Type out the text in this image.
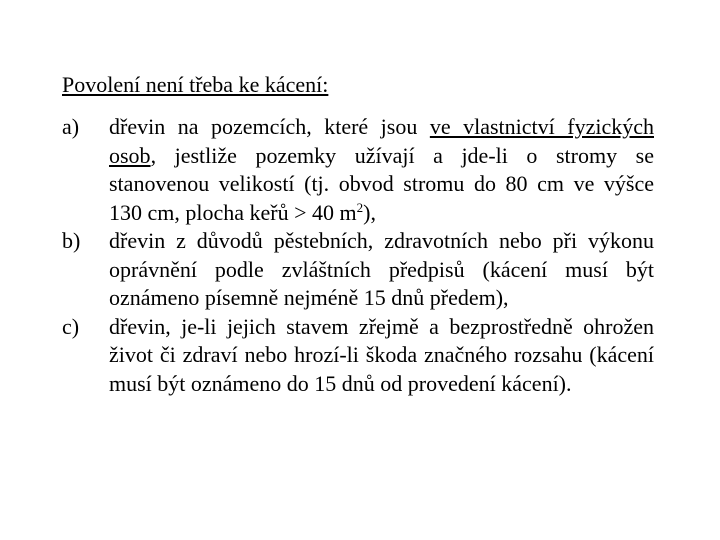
Povolení není třeba ke kácení:
a) dřevin na pozemcích, které jsou ve vlastnictví fyzických osob, jestliže pozemky užívají a jde-li o stromy se stanovenou velikostí (tj. obvod stromu do 80 cm ve výšce 130 cm, plocha keřů > 40 $m^2$),
b) dřevin z důvodů pěstebních, zdravotních nebo při výkonu oprávnění podle zvláštních předpisů (kácení musí být oznámeno písemně nejméně 15 dnů předem),
c) dřevin, je-li jejich stavem zřejmě a bezprostředně ohrožen život či zdraví nebo hrozí-li škoda značného rozsahu (kácení musí být oznámeno do 15 dnů od provedení kácení).
